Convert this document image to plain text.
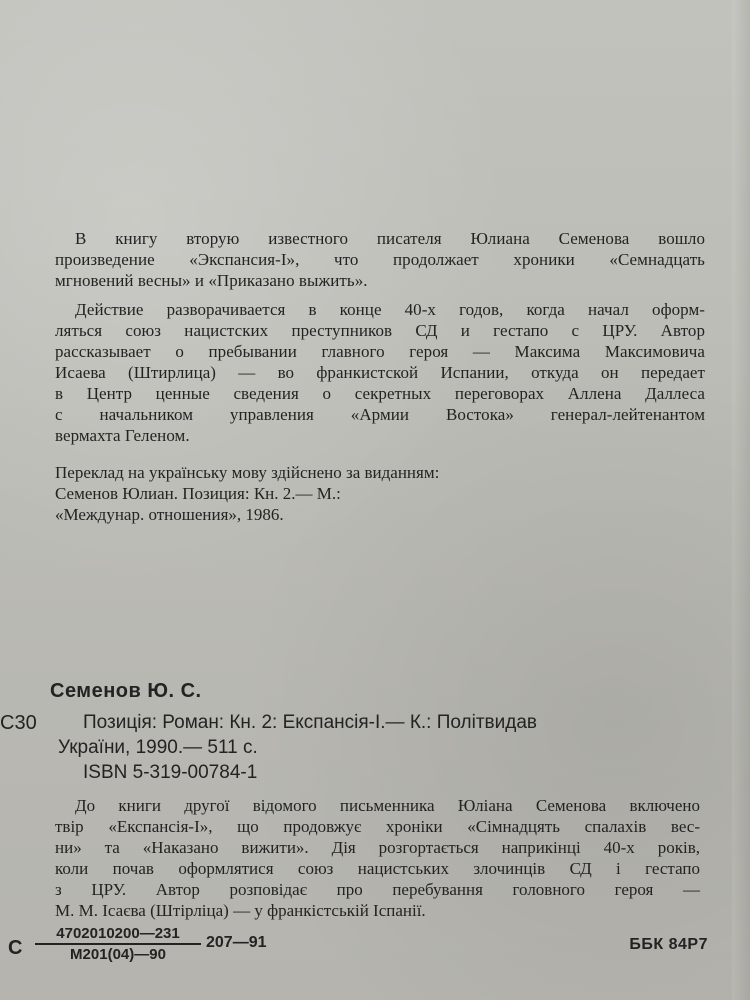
В книгу вторую известного писателя Юлиана Семенова вошло
произведение «Экспансия-I», что продолжает хроники «Семнадцать
мгновений весны» и «Приказано выжить».

Действие разворачивается в конце 40-х годов, когда начал оформ-
ляться союз нацистских преступников СД и гестапо с ЦРУ. Автор
рассказывает о пребывании главного героя — Максима Максимовича
Исаева (Штирлица) — во франкистской Испании, откуда он передает
в Центр ценные сведения о секретных переговорах Аллена Даллеса
с начальником управления «Армии Востока» генерал-лейтенантом
вермахта Геленом.

Переклад на українську мову здійснено за виданням:
Семенов Юлиан. Позиция: Кн. 2.— М.:
«Междунар. отношения», 1986.
Семенов Ю. С.
С30	Позиція: Роман: Кн. 2: Експансія-I.— К.: Політвидав
України, 1990.— 511 с.
ISBN 5-319-00784-1
До книги другої відомого письменника Юліана Семенова включено
твір «Експансія-I», що продовжує хроніки «Сімнадцять спалахів вес-
ни» та «Наказано вижити». Дія розгортається наприкінці 40-х років,
коли почав оформлятися союз нацистських злочинців СД і гестапо
з ЦРУ. Автор розповідає про перебування головного героя —
М. М. Ісаєва (Штірліца) — у франкістській Іспанії.
С
4702010200—231
М201(04)—90
207—91	ББК 84Р7
